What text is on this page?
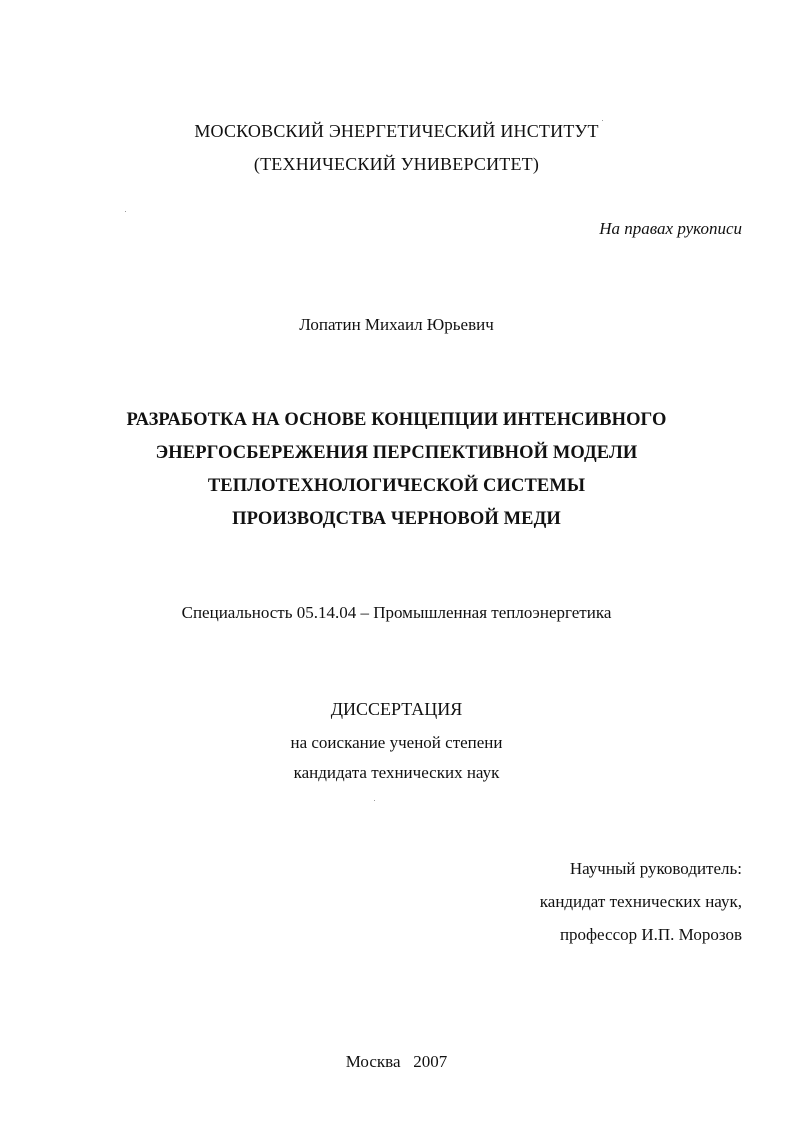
МОСКОВСКИЙ ЭНЕРГЕТИЧЕСКИЙ ИНСТИТУТ
(ТЕХНИЧЕСКИЙ УНИВЕРСИТЕТ)
На правах рукописи
Лопатин Михаил Юрьевич
РАЗРАБОТКА НА ОСНОВЕ КОНЦЕПЦИИ ИНТЕНСИВНОГО
ЭНЕРГОСБЕРЕЖЕНИЯ ПЕРСПЕКТИВНОЙ МОДЕЛИ
ТЕПЛОТЕХНОЛОГИЧЕСКОЙ СИСТЕМЫ
ПРОИЗВОДСТВА ЧЕРНОВОЙ МЕДИ
Специальность 05.14.04 – Промышленная теплоэнергетика
ДИССЕРТАЦИЯ
на соискание ученой степени
кандидата технических наук
Научный руководитель:
кандидат технических наук,
профессор И.П. Морозов
Москва   2007
